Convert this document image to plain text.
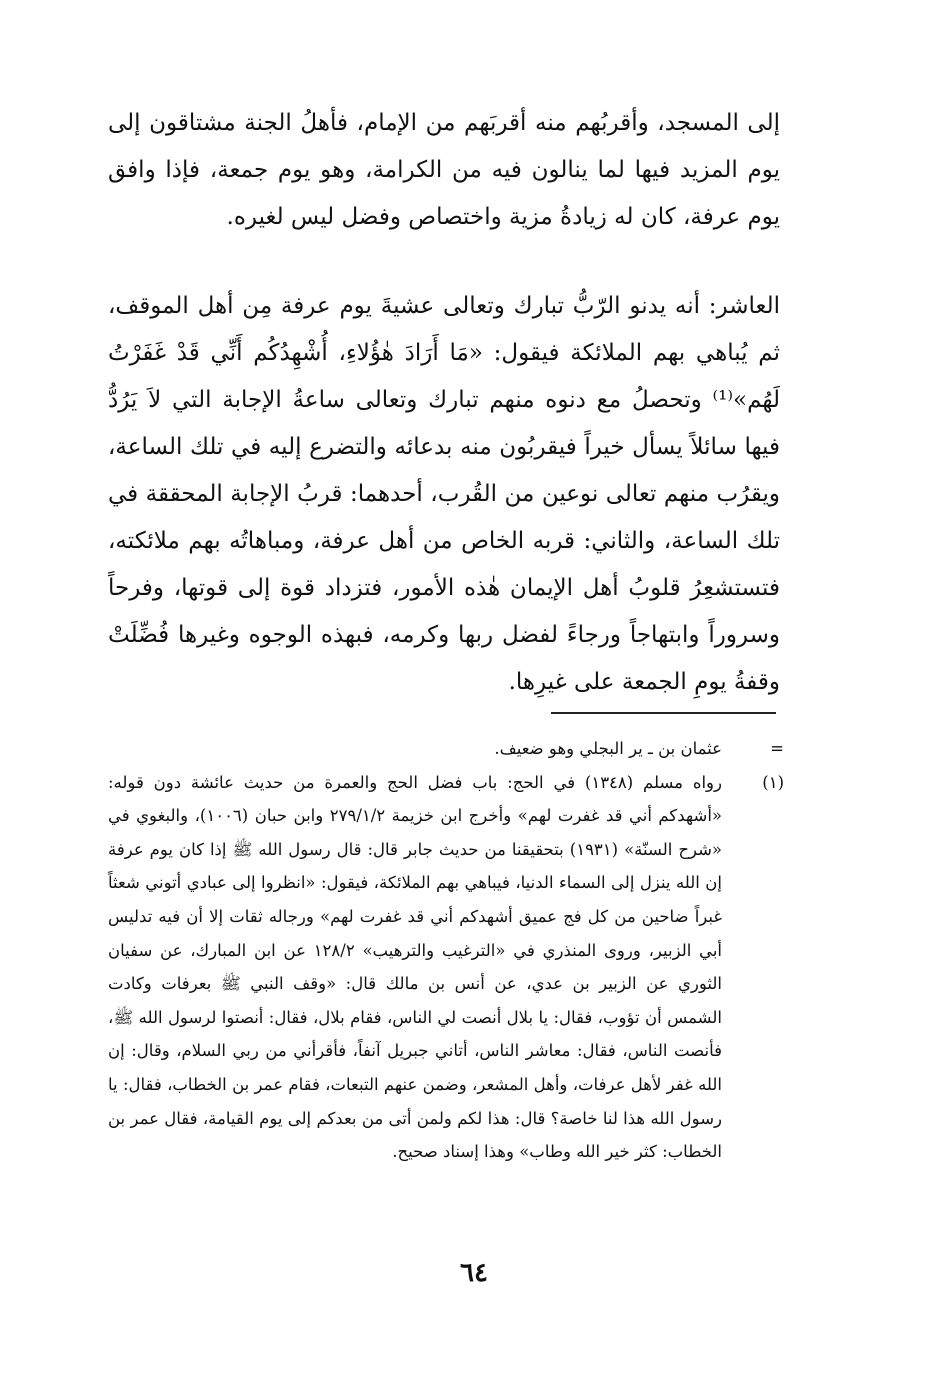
إلى المسجد، وأقربُهم منه أقربَهم من الإمام، فأهلُ الجنة مشتاقون إلى يوم المزيد فيها لما ينالون فيه من الكرامة، وهو يوم جمعة، فإذا وافق يوم عرفة، كان له زيادةُ مزية واختصاص وفضل ليس لغيره.

العاشر: أنه يدنو الرّبُّ تبارك وتعالى عشيةَ يوم عرفة مِن أهل الموقف، ثم يُباهي بهم الملائكة فيقول: «مَا أَرَادَ هٰؤُلاءِ، أُشْهِدُكُم أَنِّي قَدْ غَفَرْتُ لَهُم»⁽¹⁾ وتحصلُ مع دنوه منهم تبارك وتعالى ساعةُ الإجابة التي لاَ يَرُدُّ فيها سائلاً يسأل خيراً فيقربُون منه بدعائه والتضرع إليه في تلك الساعة، ويقرُب منهم تعالى نوعين من القُرب، أحدهما: قربُ الإجابة المحققة في تلك الساعة، والثاني: قربه الخاص من أهل عرفة، ومباهاتُه بهم ملائكته، فتستشعِرُ قلوبُ أهل الإيمان هٰذه الأمور، فتزداد قوة إلى قوتها، وفرحاً وسروراً وابتهاجاً ورجاءً لفضل ربها وكرمه، فبهذه الوجوه وغيرها فُضِّلَتْ وقفةُ يومِ الجمعة على غيرِها.

=
عثمان بن ـ ير البجلي وهو ضعيف.

(١)
رواه مسلم (١٣٤٨) في الحج: باب فضل الحج والعمرة من حديث عائشة دون قوله: «أشهدكم أني قد غفرت لهم» وأخرج ابن خزيمة ٢٧٩/١/٢ وابن حبان (١٠٠٦)، والبغوي في «شرح السنّة» (١٩٣١) بتحقيقنا من حديث جابر قال: قال رسول الله ﷺ إذا كان يوم عرفة إن الله ينزل إلى السماء الدنيا، فيباهي بهم الملائكة، فيقول: «انظروا إلى عبادي أتوني شعثاً غبراً ضاحين من كل فج عميق أشهدكم أني قد غفرت لهم» ورجاله ثقات إلا أن فيه تدليس أبي الزبير، وروى المنذري في «الترغيب والترهيب» ١٢٨/٢ عن ابن المبارك، عن سفيان الثوري عن الزبير بن عدي، عن أنس بن مالك قال: «وقف النبي ﷺ بعرفات وكادت الشمس أن تؤوب، فقال: يا بلال أنصت لي الناس، فقام بلال، فقال: أنصتوا لرسول الله ﷺ، فأنصت الناس، فقال: معاشر الناس، أتاني جبريل آنفاً، فأقرأني من ربي السلام، وقال: إن الله غفر لأهل عرفات، وأهل المشعر، وضمن عنهم التبعات، فقام عمر بن الخطاب، فقال: يا رسول الله هذا لنا خاصة؟ قال: هذا لكم ولمن أتى من بعدكم إلى يوم القيامة، فقال عمر بن الخطاب: كثر خير الله وطاب» وهذا إسناد صحيح.

٦٤
